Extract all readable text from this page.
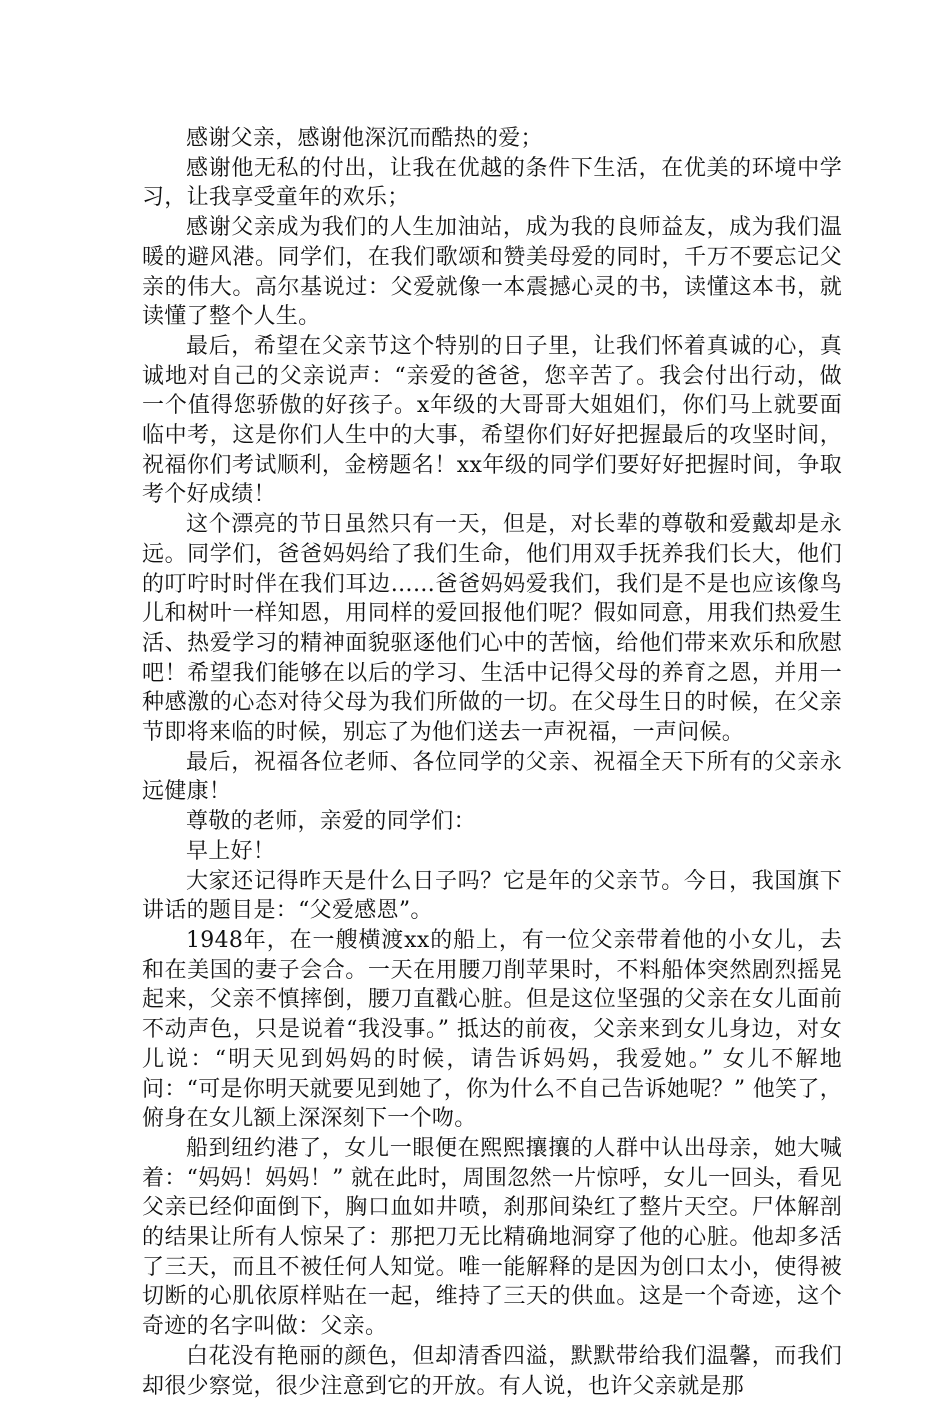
感谢父亲，感谢他深沉而酷热的爱；

感谢他无私的付出，让我在优越的条件下生活，在优美的环境中学习，让我享受童年的欢乐；

感谢父亲成为我们的人生加油站，成为我的良师益友，成为我们温暖的避风港。同学们，在我们歌颂和赞美母爱的同时，千万不要忘记父亲的伟大。高尔基说过：父爱就像一本震撼心灵的书，读懂这本书，就读懂了整个人生。

最后，希望在父亲节这个特别的日子里，让我们怀着真诚的心，真诚地对自己的父亲说声：“亲爱的爸爸，您辛苦了。我会付出行动，做一个值得您骄傲的好孩子。x年级的大哥哥大姐姐们，你们马上就要面临中考，这是你们人生中的大事，希望你们好好把握最后的攻坚时间，祝福你们考试顺利，金榜题名！xx年级的同学们要好好把握时间，争取考个好成绩！

这个漂亮的节日虽然只有一天，但是，对长辈的尊敬和爱戴却是永远。同学们，爸爸妈妈给了我们生命，他们用双手抚养我们长大，他们的叮咛时时伴在我们耳边……爸爸妈妈爱我们，我们是不是也应该像鸟儿和树叶一样知恩，用同样的爱回报他们呢？假如同意，用我们热爱生活、热爱学习的精神面貌驱逐他们心中的苦恼，给他们带来欢乐和欣慰吧！希望我们能够在以后的学习、生活中记得父母的养育之恩，并用一种感激的心态对待父母为我们所做的一切。在父母生日的时候，在父亲节即将来临的时候，别忘了为他们送去一声祝福，一声问候。

最后，祝福各位老师、各位同学的父亲、祝福全天下所有的父亲永远健康！

尊敬的老师，亲爱的同学们：

早上好！

大家还记得昨天是什么日子吗？它是年的父亲节。今日，我国旗下讲话的题目是：“父爱感恩”。

1948年，在一艘横渡xx的船上，有一位父亲带着他的小女儿，去和在美国的妻子会合。一天在用腰刀削苹果时，不料船体突然剧烈摇晃起来，父亲不慎摔倒，腰刀直戳心脏。但是这位坚强的父亲在女儿面前不动声色，只是说着“我没事。” 抵达的前夜，父亲来到女儿身边，对女儿说：“明天见到妈妈的时候，请告诉妈妈，我爱她。” 女儿不解地问：“可是你明天就要见到她了，你为什么不自己告诉她呢？” 他笑了，俯身在女儿额上深深刻下一个吻。

船到纽约港了，女儿一眼便在熙熙攘攘的人群中认出母亲，她大喊着：“妈妈！妈妈！” 就在此时，周围忽然一片惊呼，女儿一回头，看见父亲已经仰面倒下，胸口血如井喷，刹那间染红了整片天空。尸体解剖的结果让所有人惊呆了：那把刀无比精确地洞穿了他的心脏。他却多活了三天，而且不被任何人知觉。唯一能解释的是因为创口太小，使得被切断的心肌依原样贴在一起，维持了三天的供血。这是一个奇迹，这个奇迹的名字叫做：父亲。

白花没有艳丽的颜色，但却清香四溢，默默带给我们温馨，而我们却很少察觉，很少注意到它的开放。有人说，也许父亲就是那
